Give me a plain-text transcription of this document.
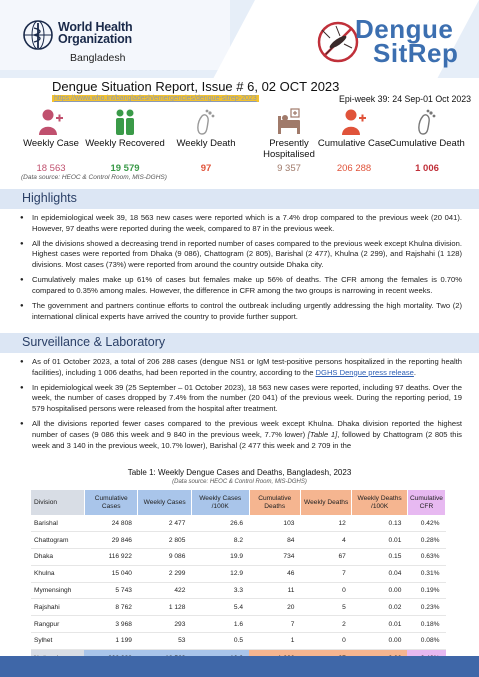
World Health
Organization
Bangladesh
Dengue
SitRep
Dengue Situation Report, Issue # 6, 02 OCT 2023
https://www.who.int/bangladesh/emergencies/dengue-sitrep-2023	Epi-week 39: 24 Sep-01 Oct 2023
Weekly Case
18 563
Weekly Recovered
19 579
Weekly Death
97
Presently Hospitalised
9 357
Cumulative Case
206 288
Cumulative Death
1 006
(Data source: HEOC & Control Room, MIS-DGHS)
Highlights
● In epidemiological week 39, 18 563 new cases were reported which is a 7.4% drop compared to the previous week (20 041). However, 97 deaths were reported during the week, compared to 87 in the previous week.
● All the divisions showed a decreasing trend in reported number of cases compared to the previous week except Khulna division. Highest cases were reported from Dhaka (9 086), Chattogram (2 805), Barishal (2 477), Khulna (2 299), and Rajshahi (1 128) divisions. Most cases (73%) were reported from around the country outside Dhaka city.
● Cumulatively males make up 61% of cases but females make up 56% of deaths. The CFR among the females is 0.70% compared to 0.35% among males. However, the difference in CFR among the two groups is narrowing in recent weeks.
● The government and partners continue efforts to control the outbreak including urgently addressing the high mortality. Two (2) international clinical experts have arrived the country to provide further support.
Surveillance & Laboratory
● As of 01 October 2023, a total of 206 288 cases (dengue NS1 or IgM test-positive persons hospitalized in the reporting health facilities), including 1 006 deaths, had been reported in the country, according to the DGHS Dengue press release.
● In epidemiological week 39 (25 September – 01 October 2023), 18 563 new cases were reported, including 97 deaths. Over the week, the number of cases dropped by 7.4% from the number (20 041) of the previous week. During the reporting period, 19 579 hospitalised persons were released from the hospital after treatment.
● All the divisions reported fewer cases compared to the previous week except Khulna. Dhaka division reported the highest number of cases (9 086 this week and 9 840 in the previous week, 7.7% lower) [Table 1], followed by Chattogram (2 805 this week and 3 140 in the previous week, 10.7% lower), Barishal (2 477 this week and 2 709 in the
Table 1: Weekly Dengue Cases and Deaths, Bangladesh, 2023
(Data source: HEOC & Control Room, MIS-DGHS)
Division	Cumulative Cases	Weekly Cases	Weekly Cases /100K	Cumulative Deaths	Weekly Deaths	Weekly Deaths /100K	Cumulative CFR
Barishal	24 808	2 477	26.6	103	12	0.13	0.42%
Chattogram	29 846	2 805	8.2	84	4	0.01	0.28%
Dhaka	116 922	9 086	19.9	734	67	0.15	0.63%
Khulna	15 040	2 299	12.9	46	7	0.04	0.31%
Mymensingh	5 743	422	3.3	11	0	0.00	0.19%
Rajshahi	8 762	1 128	5.4	20	5	0.02	0.23%
Rangpur	3 968	293	1.6	7	2	0.01	0.18%
Sylhet	1 199	53	0.5	1	0	0.00	0.08%
